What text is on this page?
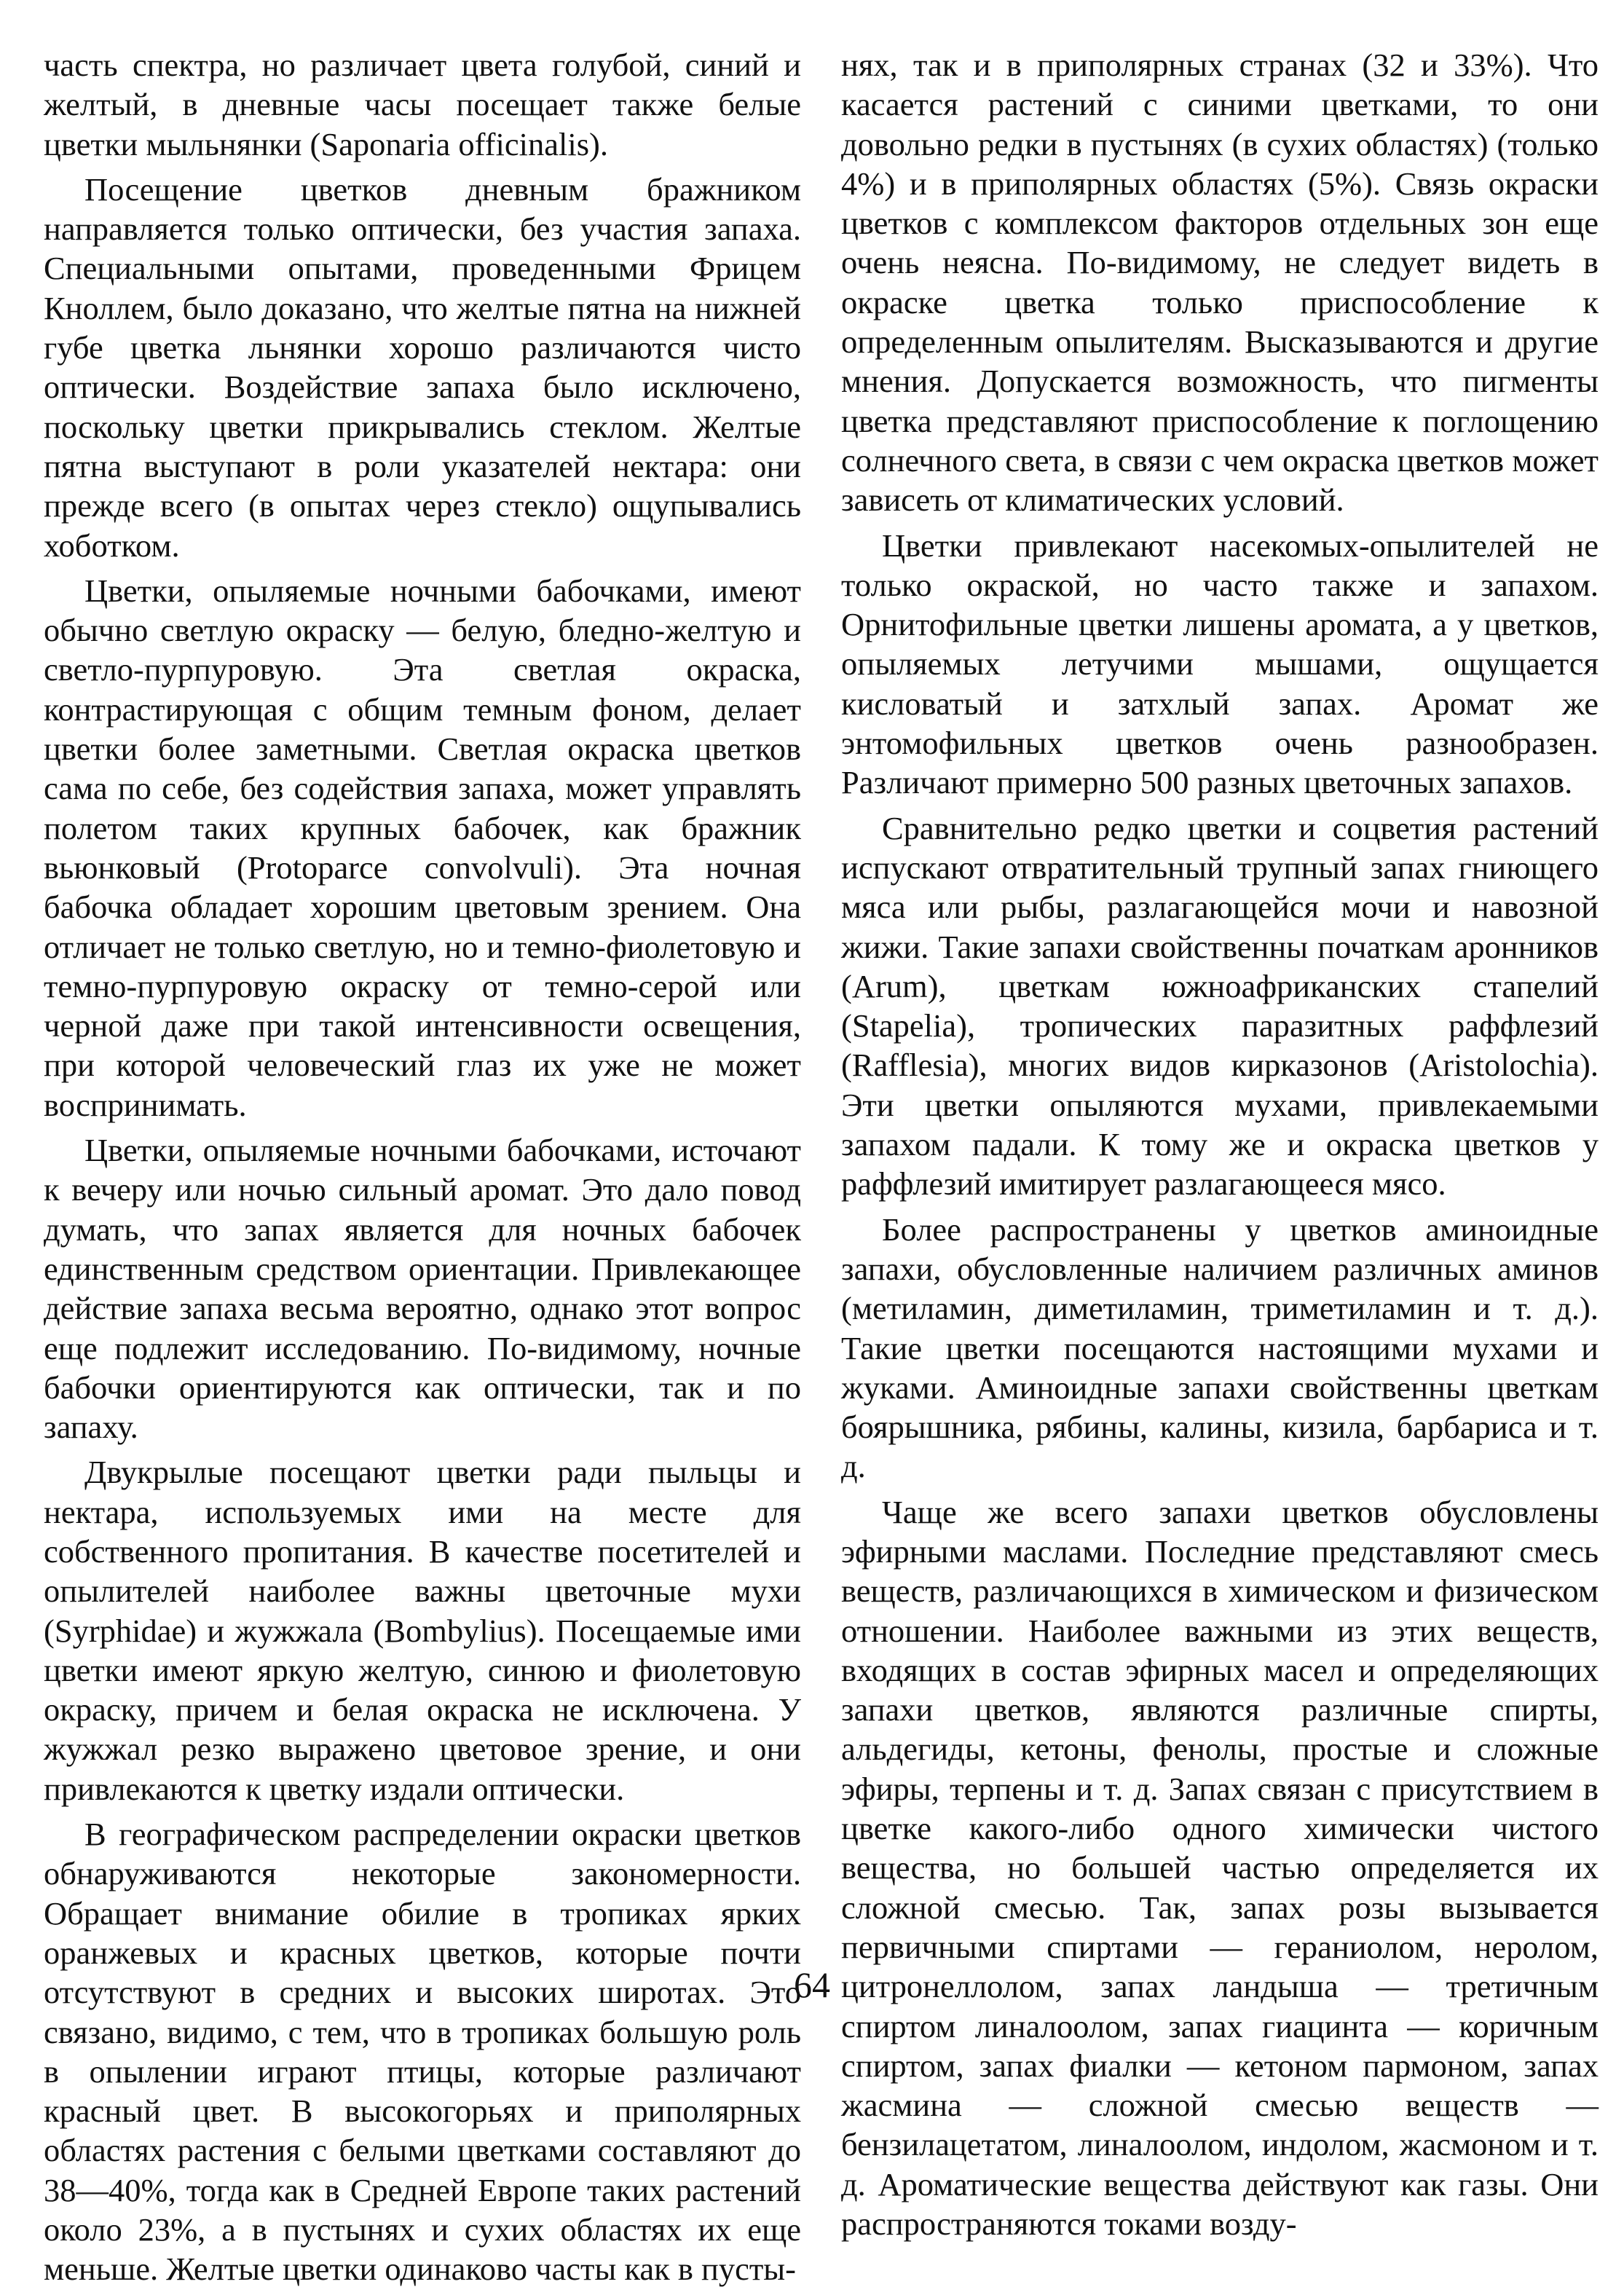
часть спектра, но различает цвета голубой, синий и желтый, в дневные часы посещает также белые цветки мыльнянки (Saponaria officinalis).

Посещение цветков дневным бражником направляется только оптически, без участия запаха. Специальными опытами, проведенными Фрицем Кноллем, было доказано, что желтые пятна на нижней губе цветка льнянки хорошо различаются чисто оптически. Воздействие запаха было исключено, поскольку цветки прикрывались стеклом. Желтые пятна выступают в роли указателей нектара: они прежде всего (в опытах через стекло) ощупывались хоботком.

Цветки, опыляемые ночными бабочками, имеют обычно светлую окраску — белую, бледно-желтую и светло-пурпуровую. Эта светлая окраска, контрастирующая с общим темным фоном, делает цветки более заметными. Светлая окраска цветков сама по себе, без содействия запаха, может управлять полетом таких крупных бабочек, как бражник вьюнковый (Protoparce convolvuli). Эта ночная бабочка обладает хорошим цветовым зрением. Она отличает не только светлую, но и темно-фиолетовую и темно-пурпуровую окраску от темно-серой или черной даже при такой интенсивности освещения, при которой человеческий глаз их уже не может воспринимать.

Цветки, опыляемые ночными бабочками, источают к вечеру или ночью сильный аромат. Это дало повод думать, что запах является для ночных бабочек единственным средством ориентации. Привлекающее действие запаха весьма вероятно, однако этот вопрос еще подлежит исследованию. По-видимому, ночные бабочки ориентируются как оптически, так и по запаху.

Двукрылые посещают цветки ради пыльцы и нектара, используемых ими на месте для собственного пропитания. В качестве посетителей и опылителей наиболее важны цветочные мухи (Syrphidae) и жужжала (Bombylius). Посещаемые ими цветки имеют яркую желтую, синюю и фиолетовую окраску, причем и белая окраска не исключена. У жужжал резко выражено цветовое зрение, и они привлекаются к цветку издали оптически.

В географическом распределении окраски цветков обнаруживаются некоторые закономерности. Обращает внимание обилие в тропиках ярких оранжевых и красных цветков, которые почти отсутствуют в средних и высоких широтах. Это связано, видимо, с тем, что в тропиках большую роль в опылении играют птицы, которые различают красный цвет. В высокогорьях и приполярных областях растения с белыми цветками составляют до 38—40%, тогда как в Средней Европе таких растений около 23%, а в пустынях и сухих областях их еще меньше. Желтые цветки одинаково часты как в пусты-

нях, так и в приполярных странах (32 и 33%). Что касается растений с синими цветками, то они довольно редки в пустынях (в сухих областях) (только 4%) и в приполярных областях (5%). Связь окраски цветков с комплексом факторов отдельных зон еще очень неясна. По-видимому, не следует видеть в окраске цветка только приспособление к определенным опылителям. Высказываются и другие мнения. Допускается возможность, что пигменты цветка представляют приспособление к поглощению солнечного света, в связи с чем окраска цветков может зависеть от климатических условий.

Цветки привлекают насекомых-опылителей не только окраской, но часто также и запахом. Орнитофильные цветки лишены аромата, а у цветков, опыляемых летучими мышами, ощущается кисловатый и затхлый запах. Аромат же энтомофильных цветков очень разнообразен. Различают примерно 500 разных цветочных запахов.

Сравнительно редко цветки и соцветия растений испускают отвратительный трупный запах гниющего мяса или рыбы, разлагающейся мочи и навозной жижи. Такие запахи свойственны початкам аронников (Arum), цветкам южноафриканских стапелий (Stapelia), тропических паразитных раффлезий (Rafflesia), многих видов кирказонов (Aristolochia). Эти цветки опыляются мухами, привлекаемыми запахом падали. К тому же и окраска цветков у раффлезий имитирует разлагающееся мясо.

Более распространены у цветков аминоидные запахи, обусловленные наличием различных аминов (метиламин, диметиламин, триметиламин и т. д.). Такие цветки посещаются настоящими мухами и жуками. Аминоидные запахи свойственны цветкам боярышника, рябины, калины, кизила, барбариса и т. д.

Чаще же всего запахи цветков обусловлены эфирными маслами. Последние представляют смесь веществ, различающихся в химическом и физическом отношении. Наиболее важными из этих веществ, входящих в состав эфирных масел и определяющих запахи цветков, являются различные спирты, альдегиды, кетоны, фенолы, простые и сложные эфиры, терпены и т. д. Запах связан с присутствием в цветке какого-либо одного химически чистого вещества, но большей частью определяется их сложной смесью. Так, запах розы вызывается первичными спиртами — гераниолом, неролом, цитронеллолом, запах ландыша — третичным спиртом линалоолом, запах гиацинта — коричным спиртом, запах фиалки — кетоном пармоном, запах жасмина — сложной смесью веществ — бензилацетатом, линалоолом, индолом, жасмоном и т. д. Ароматические вещества действуют как газы. Они распространяются токами возду-

64
